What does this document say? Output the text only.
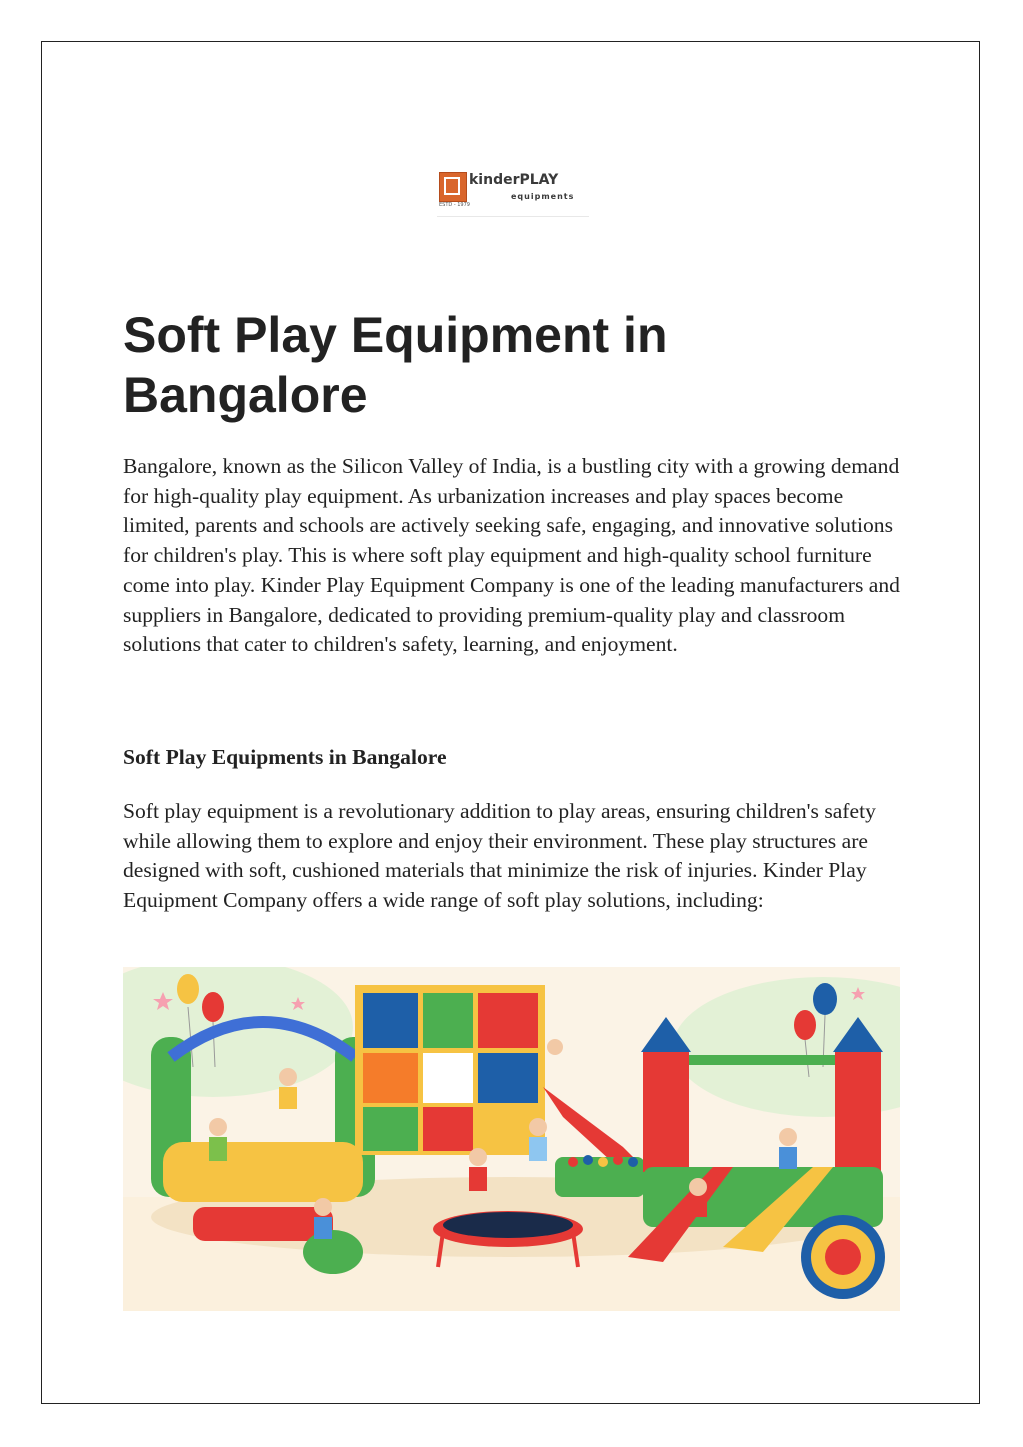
ESTD - 1979
kinderPLAY
equipments
Soft Play Equipment in Bangalore

Bangalore, known as the Silicon Valley of India, is a bustling city with a growing demand for high-quality play equipment. As urbanization increases and play spaces become limited, parents and schools are actively seeking safe, engaging, and innovative solutions for children's play. This is where soft play equipment and high-quality school furniture come into play. Kinder Play Equipment Company is one of the leading manufacturers and suppliers in Bangalore, dedicated to providing premium-quality play and classroom solutions that cater to children's safety, learning, and enjoyment.

Soft Play Equipments in Bangalore

Soft play equipment is a revolutionary addition to play areas, ensuring children's safety while allowing them to explore and enjoy their environment. These play structures are designed with soft, cushioned materials that minimize the risk of injuries. Kinder Play Equipment Company offers a wide range of soft play solutions, including:
